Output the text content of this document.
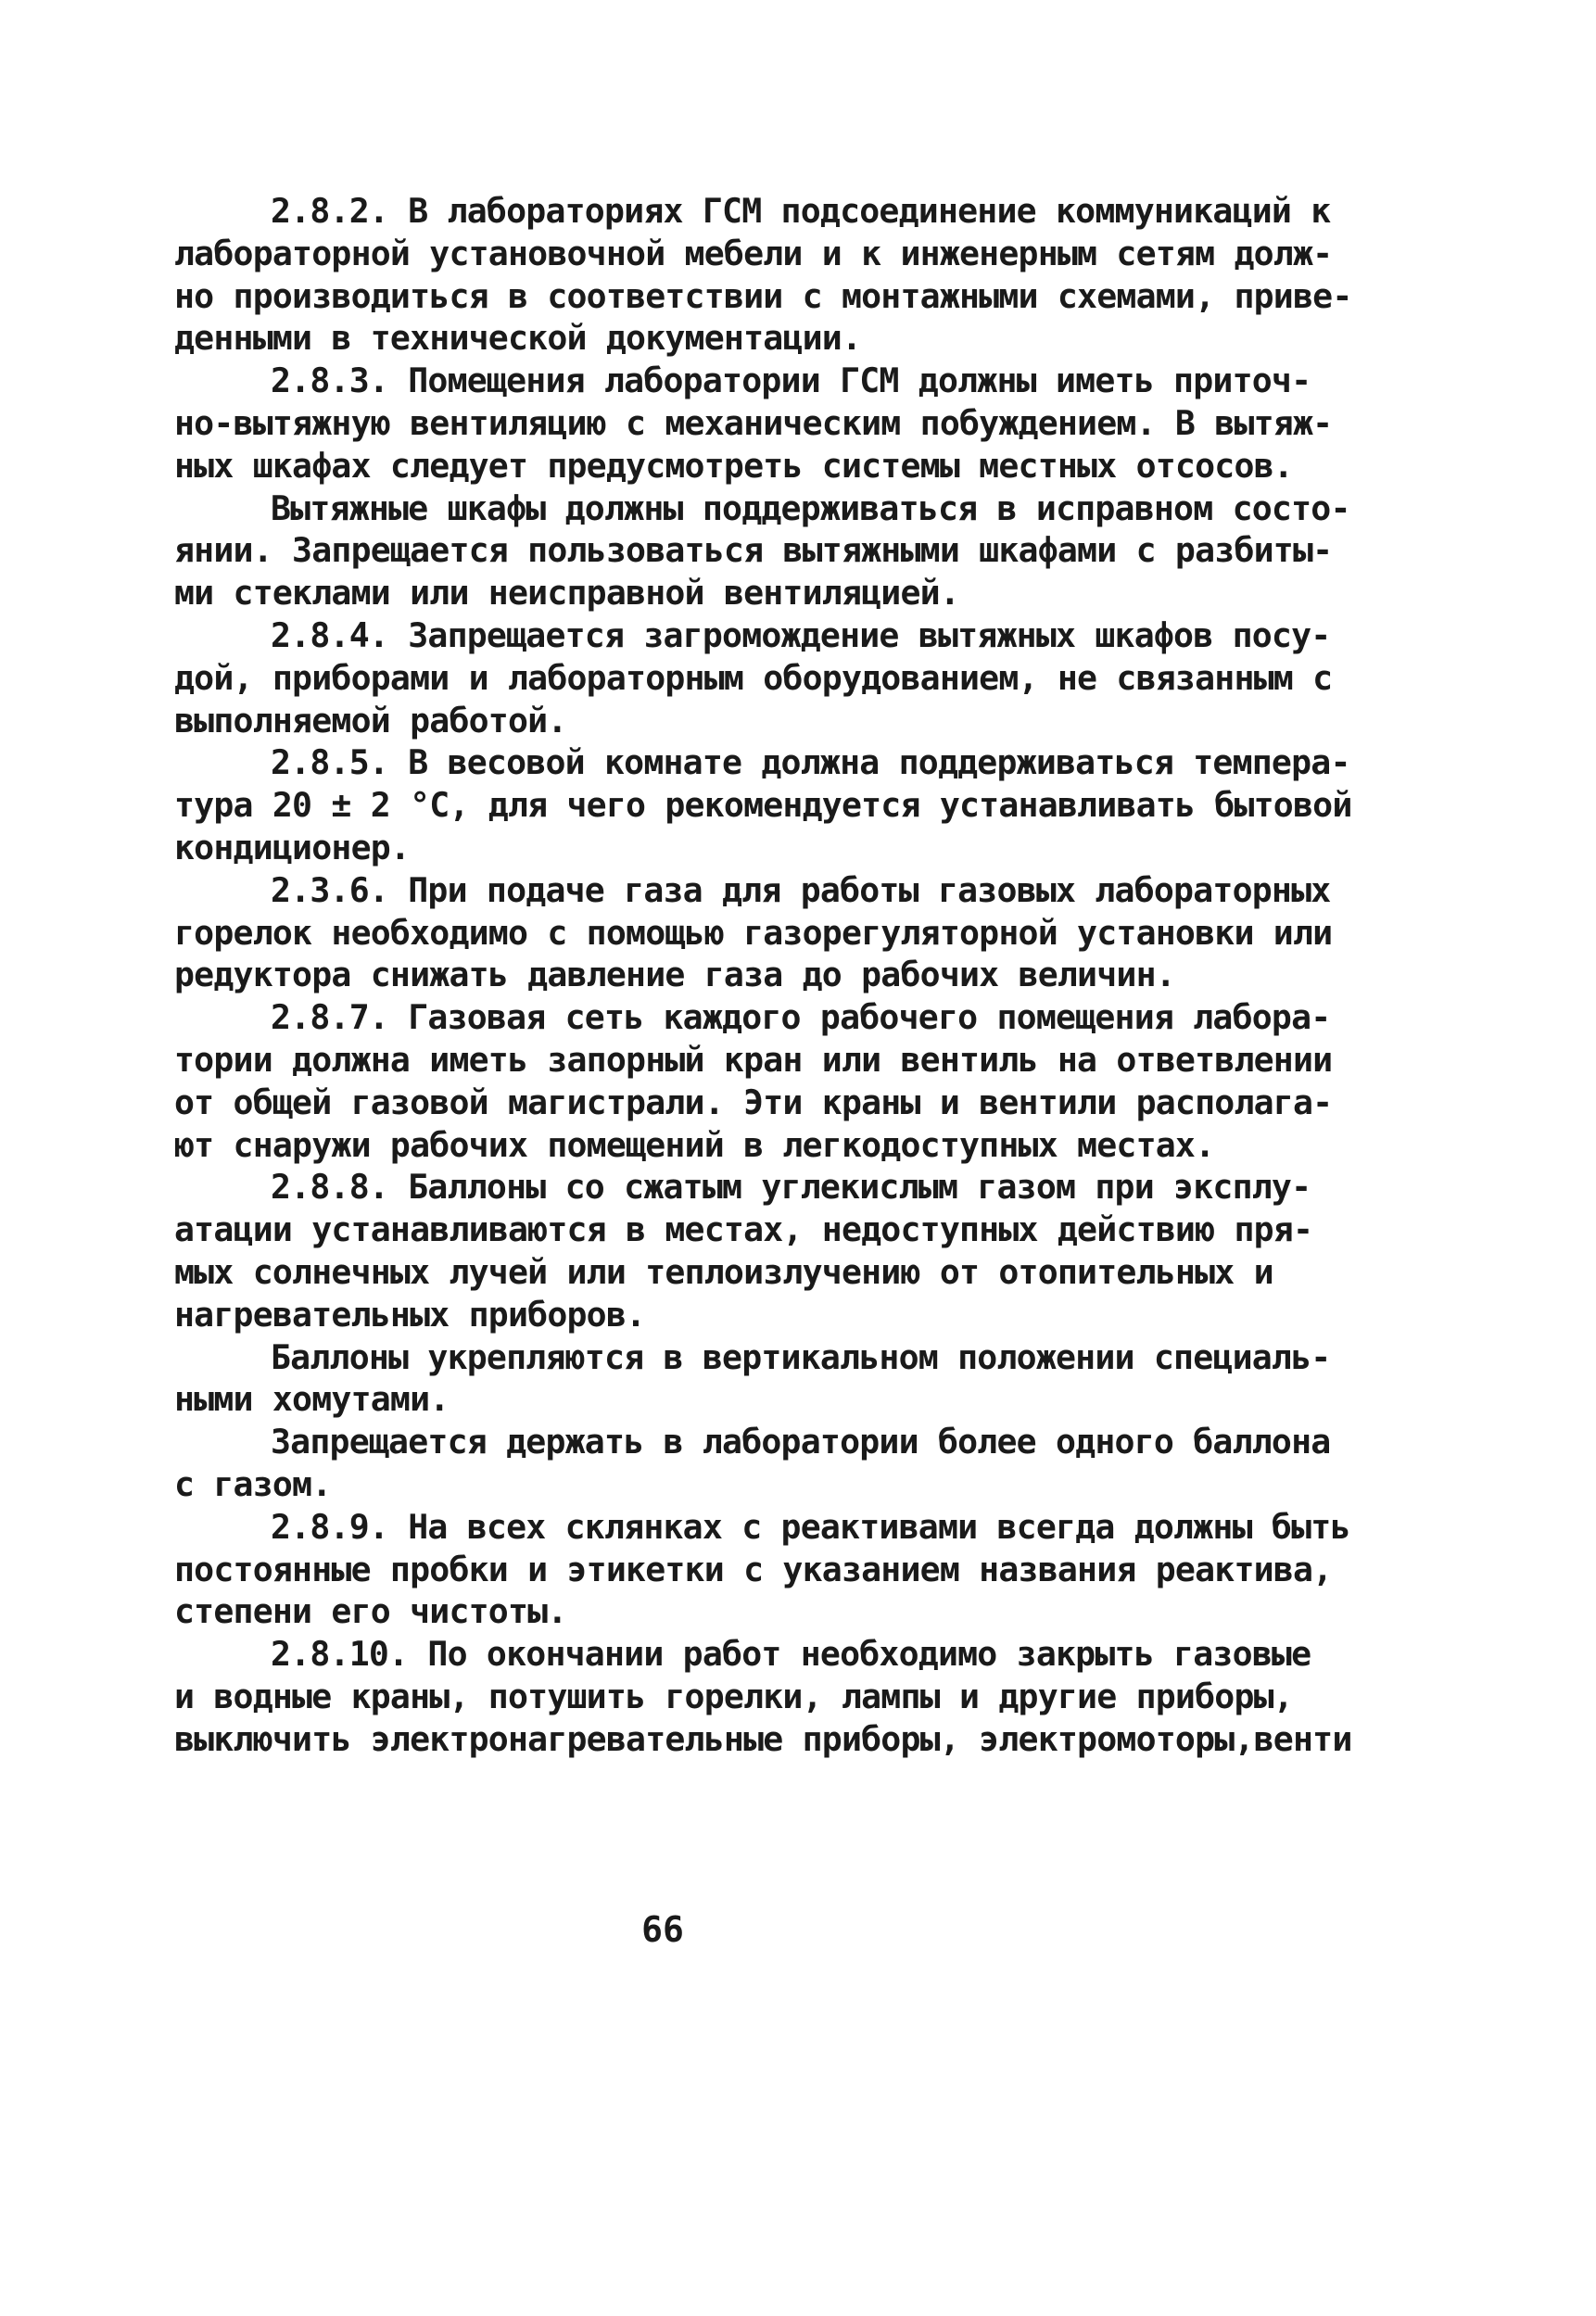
2.8.2. В лабораториях ГСМ подсоединение коммуникаций к
лабораторной установочной мебели и к инженерным сетям долж-
но производиться в соответствии с монтажными схемами, приве-
денными в технической документации.
2.8.3. Помещения лаборатории ГСМ должны иметь приточ-
но-вытяжную вентиляцию с механическим побуждением. В вытяж-
ных шкафах следует предусмотреть системы местных отсосов.
Вытяжные шкафы должны поддерживаться в исправном состо-
янии. Запрещается пользоваться вытяжными шкафами с разбиты-
ми стеклами или неисправной вентиляцией.
2.8.4. Запрещается загромождение вытяжных шкафов посу-
дой, приборами и лабораторным оборудованием, не связанным с
выполняемой работой.
2.8.5. В весовой комнате должна поддерживаться темпера-
тура 20 ± 2 °С, для чего рекомендуется устанавливать бытовой
кондиционер.
2.3.6. При подаче газа для работы газовых лабораторных
горелок необходимо с помощью газорегуляторной установки или
редуктора снижать давление газа до рабочих величин.
2.8.7. Газовая сеть каждого рабочего помещения лабора-
тории должна иметь запорный кран или вентиль на ответвлении
от общей газовой магистрали. Эти краны и вентили располага-
ют снаружи рабочих помещений в легкодоступных местах.
2.8.8. Баллоны со сжатым углекислым газом при эксплу-
атации устанавливаются в местах, недоступных действию пря-
мых солнечных лучей или теплоизлучению от отопительных и
нагревательных приборов.
Баллоны укрепляются в вертикальном положении специаль-
ными хомутами.
Запрещается держать в лаборатории более одного баллона
с газом.
2.8.9. На всех склянках с реактивами всегда должны быть
постоянные пробки и этикетки с указанием названия реактива,
степени его чистоты.
2.8.10. По окончании работ необходимо закрыть газовые
и водные краны, потушить горелки, лампы и другие приборы,
выключить электронагревательные приборы, электромоторы,венти
66
